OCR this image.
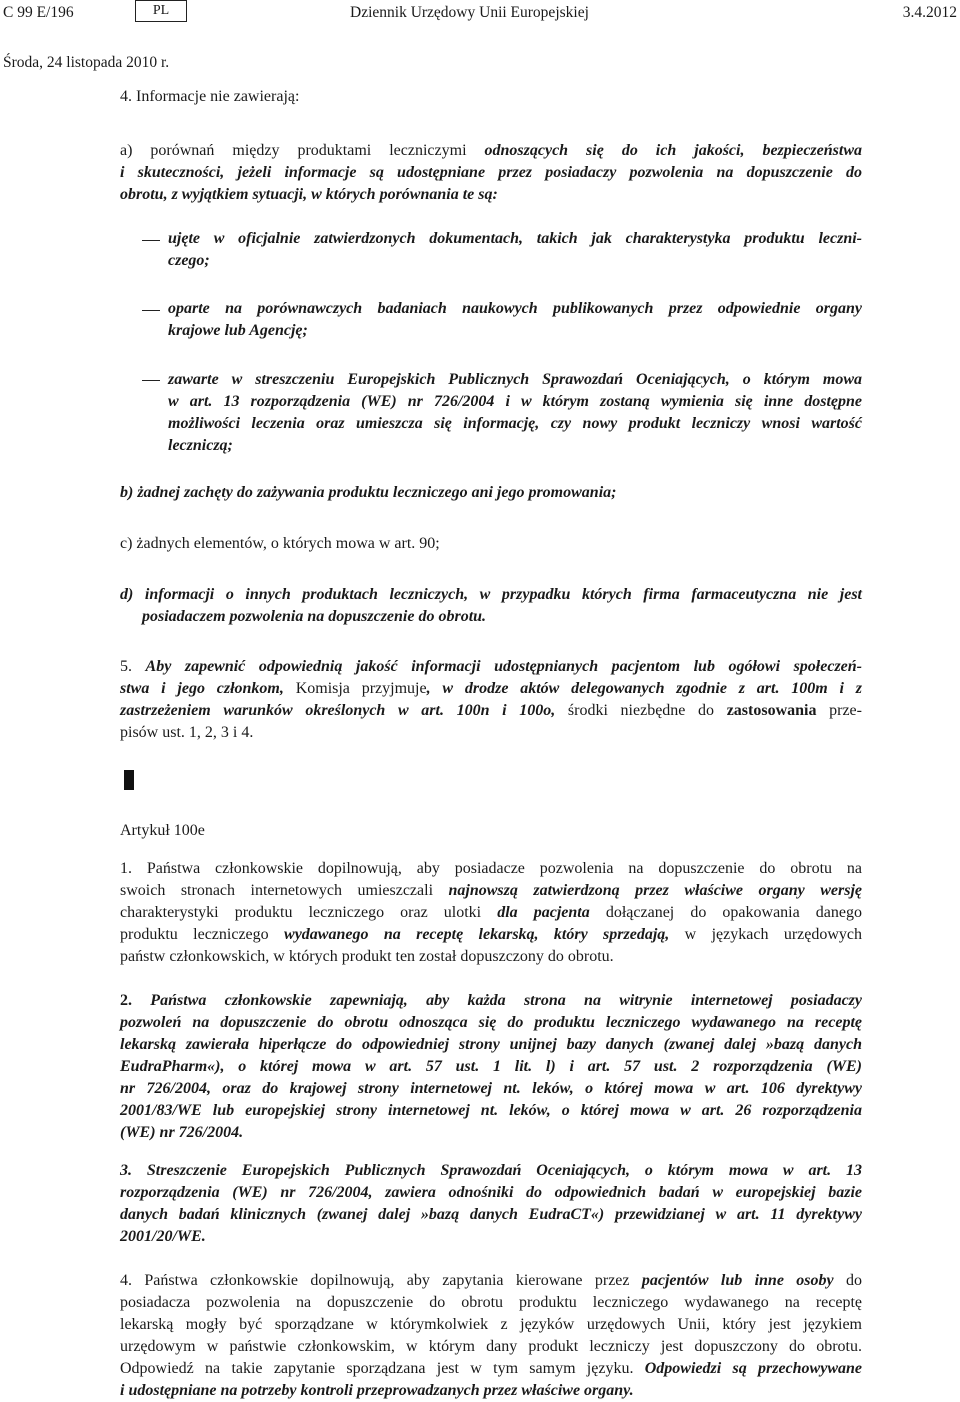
C 99 E/196	PL	Dziennik Urzędowy Unii Europejskiej	3.4.2012
Środa, 24 listopada 2010 r.
4. Informacje nie zawierają:
a) porównań między produktami leczniczymi odnoszących się do ich jakości, bezpieczeństwa
i skuteczności, jeżeli informacje są udostępniane przez posiadaczy pozwolenia na dopuszczenie do
obrotu, z wyjątkiem sytuacji, w których porównania te są:
ujęte w oficjalnie zatwierdzonych dokumentach, takich jak charakterystyka produktu leczni-
czego;
oparte na porównawczych badaniach naukowych publikowanych przez odpowiednie organy
krajowe lub Agencję;
zawarte w streszczeniu Europejskich Publicznych Sprawozdań Oceniających, o którym mowa
w art. 13 rozporządzenia (WE) nr 726/2004 i w którym zostaną wymienia się inne dostępne
możliwości leczenia oraz umieszcza się informację, czy nowy produkt leczniczy wnosi wartość
leczniczą;
b) żadnej zachęty do zażywania produktu leczniczego ani jego promowania;
c) żadnych elementów, o których mowa w art. 90;
d) informacji o innych produktach leczniczych, w przypadku których firma farmaceutyczna nie jest
posiadaczem pozwolenia na dopuszczenie do obrotu.
5. Aby zapewnić odpowiednią jakość informacji udostępnianych pacjentom lub ogółowi społeczeń-
stwa i jego członkom, Komisja przyjmuje, w drodze aktów delegowanych zgodnie z art. 100m i z
zastrzeżeniem warunków określonych w art. 100n i 100o, środki niezbędne do zastosowania prze-
pisów ust. 1, 2, 3 i 4.
Artykuł 100e
1. Państwa członkowskie dopilnowują, aby posiadacze pozwolenia na dopuszczenie do obrotu na
swoich stronach internetowych umieszczali najnowszą zatwierdzoną przez właściwe organy wersję
charakterystyki produktu leczniczego oraz ulotki dla pacjenta dołączanej do opakowania danego
produktu leczniczego wydawanego na receptę lekarską, który sprzedają, w językach urzędowych
państw członkowskich, w których produkt ten został dopuszczony do obrotu.
2. Państwa członkowskie zapewniają, aby każda strona na witrynie internetowej posiadaczy
pozwoleń na dopuszczenie do obrotu odnosząca się do produktu leczniczego wydawanego na receptę
lekarską zawierała hiperłącze do odpowiedniej strony unijnej bazy danych (zwanej dalej »bazą danych
EudraPharm«), o której mowa w art. 57 ust. 1 lit. l) i art. 57 ust. 2 rozporządzenia (WE)
nr 726/2004, oraz do krajowej strony internetowej nt. leków, o której mowa w art. 106 dyrektywy
2001/83/WE lub europejskiej strony internetowej nt. leków, o której mowa w art. 26 rozporządzenia
(WE) nr 726/2004.
3. Streszczenie Europejskich Publicznych Sprawozdań Oceniających, o którym mowa w art. 13
rozporządzenia (WE) nr 726/2004, zawiera odnośniki do odpowiednich badań w europejskiej bazie
danych badań klinicznych (zwanej dalej »bazą danych EudraCT«) przewidzianej w art. 11 dyrektywy
2001/20/WE.
4. Państwa członkowskie dopilnowują, aby zapytania kierowane przez pacjentów lub inne osoby do
posiadacza pozwolenia na dopuszczenie do obrotu produktu leczniczego wydawanego na receptę
lekarską mogły być sporządzane w którymkolwiek z języków urzędowych Unii, który jest językiem
urzędowym w państwie członkowskim, w którym dany produkt leczniczy jest dopuszczony do obrotu.
Odpowiedź na takie zapytanie sporządzana jest w tym samym języku. Odpowiedzi są przechowywane
i udostępniane na potrzeby kontroli przeprowadzanych przez właściwe organy.
